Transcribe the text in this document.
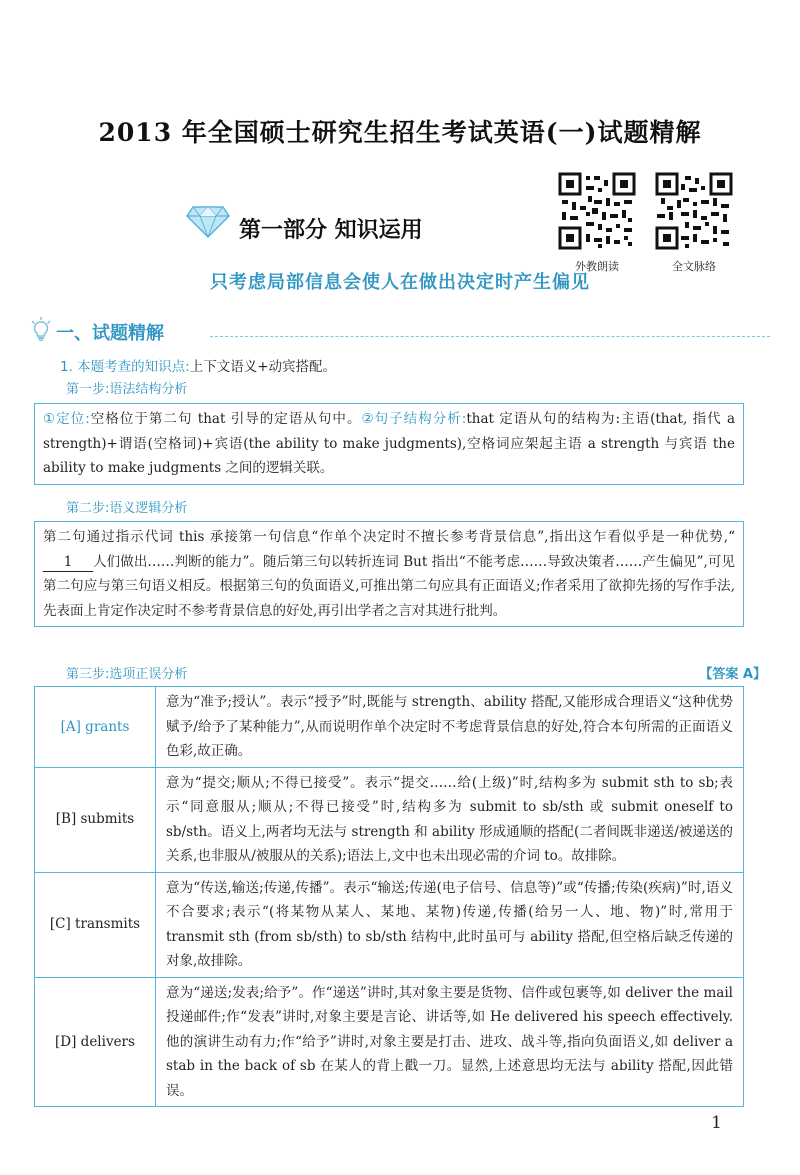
2013 年全国硕士研究生招生考试英语(一)试题精解
外教朗读	全文脉络
第一部分 知识运用
只考虑局部信息会使人在做出决定时产生偏见
一、试题精解
1. 本题考查的知识点:上下文语义+动宾搭配。
第一步:语法结构分析
①定位:空格位于第二句 that 引导的定语从句中。②句子结构分析:that 定语从句的结构为:主语(that, 指代 a strength)+谓语(空格词)+宾语(the ability to make judgments),空格词应架起主语 a strength 与宾语 the ability to make judgments 之间的逻辑关联。
第二步:语义逻辑分析
第二句通过指示代词 this 承接第一句信息“作单个决定时不擅长参考背景信息”,指出这乍看似乎是一种优势,“1 人们做出……判断的能力”。随后第三句以转折连词 But 指出“不能考虑……导致决策者……产生偏见”,可见第二句应与第三句语义相反。根据第三句的负面语义,可推出第二句应具有正面语义;作者采用了欲抑先扬的写作手法,先表面上肯定作决定时不参考背景信息的好处,再引出学者之言对其进行批判。
第三步:选项正误分析	【答案 A】
[A] grants	意为“准予;授认”。表示“授予”时,既能与 strength、ability 搭配,又能形成合理语义“这种优势赋予/给予了某种能力”,从而说明作单个决定时不考虑背景信息的好处,符合本句所需的正面语义色彩,故正确。
[B] submits	意为“提交;顺从;不得已接受”。表示“提交……给(上级)”时,结构多为 submit sth to sb;表示“同意服从;顺从;不得已接受”时,结构多为 submit to sb/sth 或 submit oneself to sb/sth。语义上,两者均无法与 strength 和 ability 形成通顺的搭配(二者间既非递送/被递送的关系,也非服从/被服从的关系);语法上,文中也未出现必需的介词 to。故排除。
[C] transmits	意为“传送,输送;传递,传播”。表示“输送;传递(电子信号、信息等)”或“传播;传染(疾病)”时,语义不合要求;表示“(将某物从某人、某地、某物)传递,传播(给另一人、地、物)”时,常用于 transmit sth (from sb/sth) to sb/sth 结构中,此时虽可与 ability 搭配,但空格后缺乏传递的对象,故排除。
[D] delivers	意为“递送;发表;给予”。作“递送”讲时,其对象主要是货物、信件或包裹等,如 deliver the mail 投递邮件;作“发表”讲时,对象主要是言论、讲话等,如 He delivered his speech effectively. 他的演讲生动有力;作“给予”讲时,对象主要是打击、进攻、战斗等,指向负面语义,如 deliver a stab in the back of sb 在某人的背上戳一刀。显然,上述意思均无法与 ability 搭配,因此错误。
1
